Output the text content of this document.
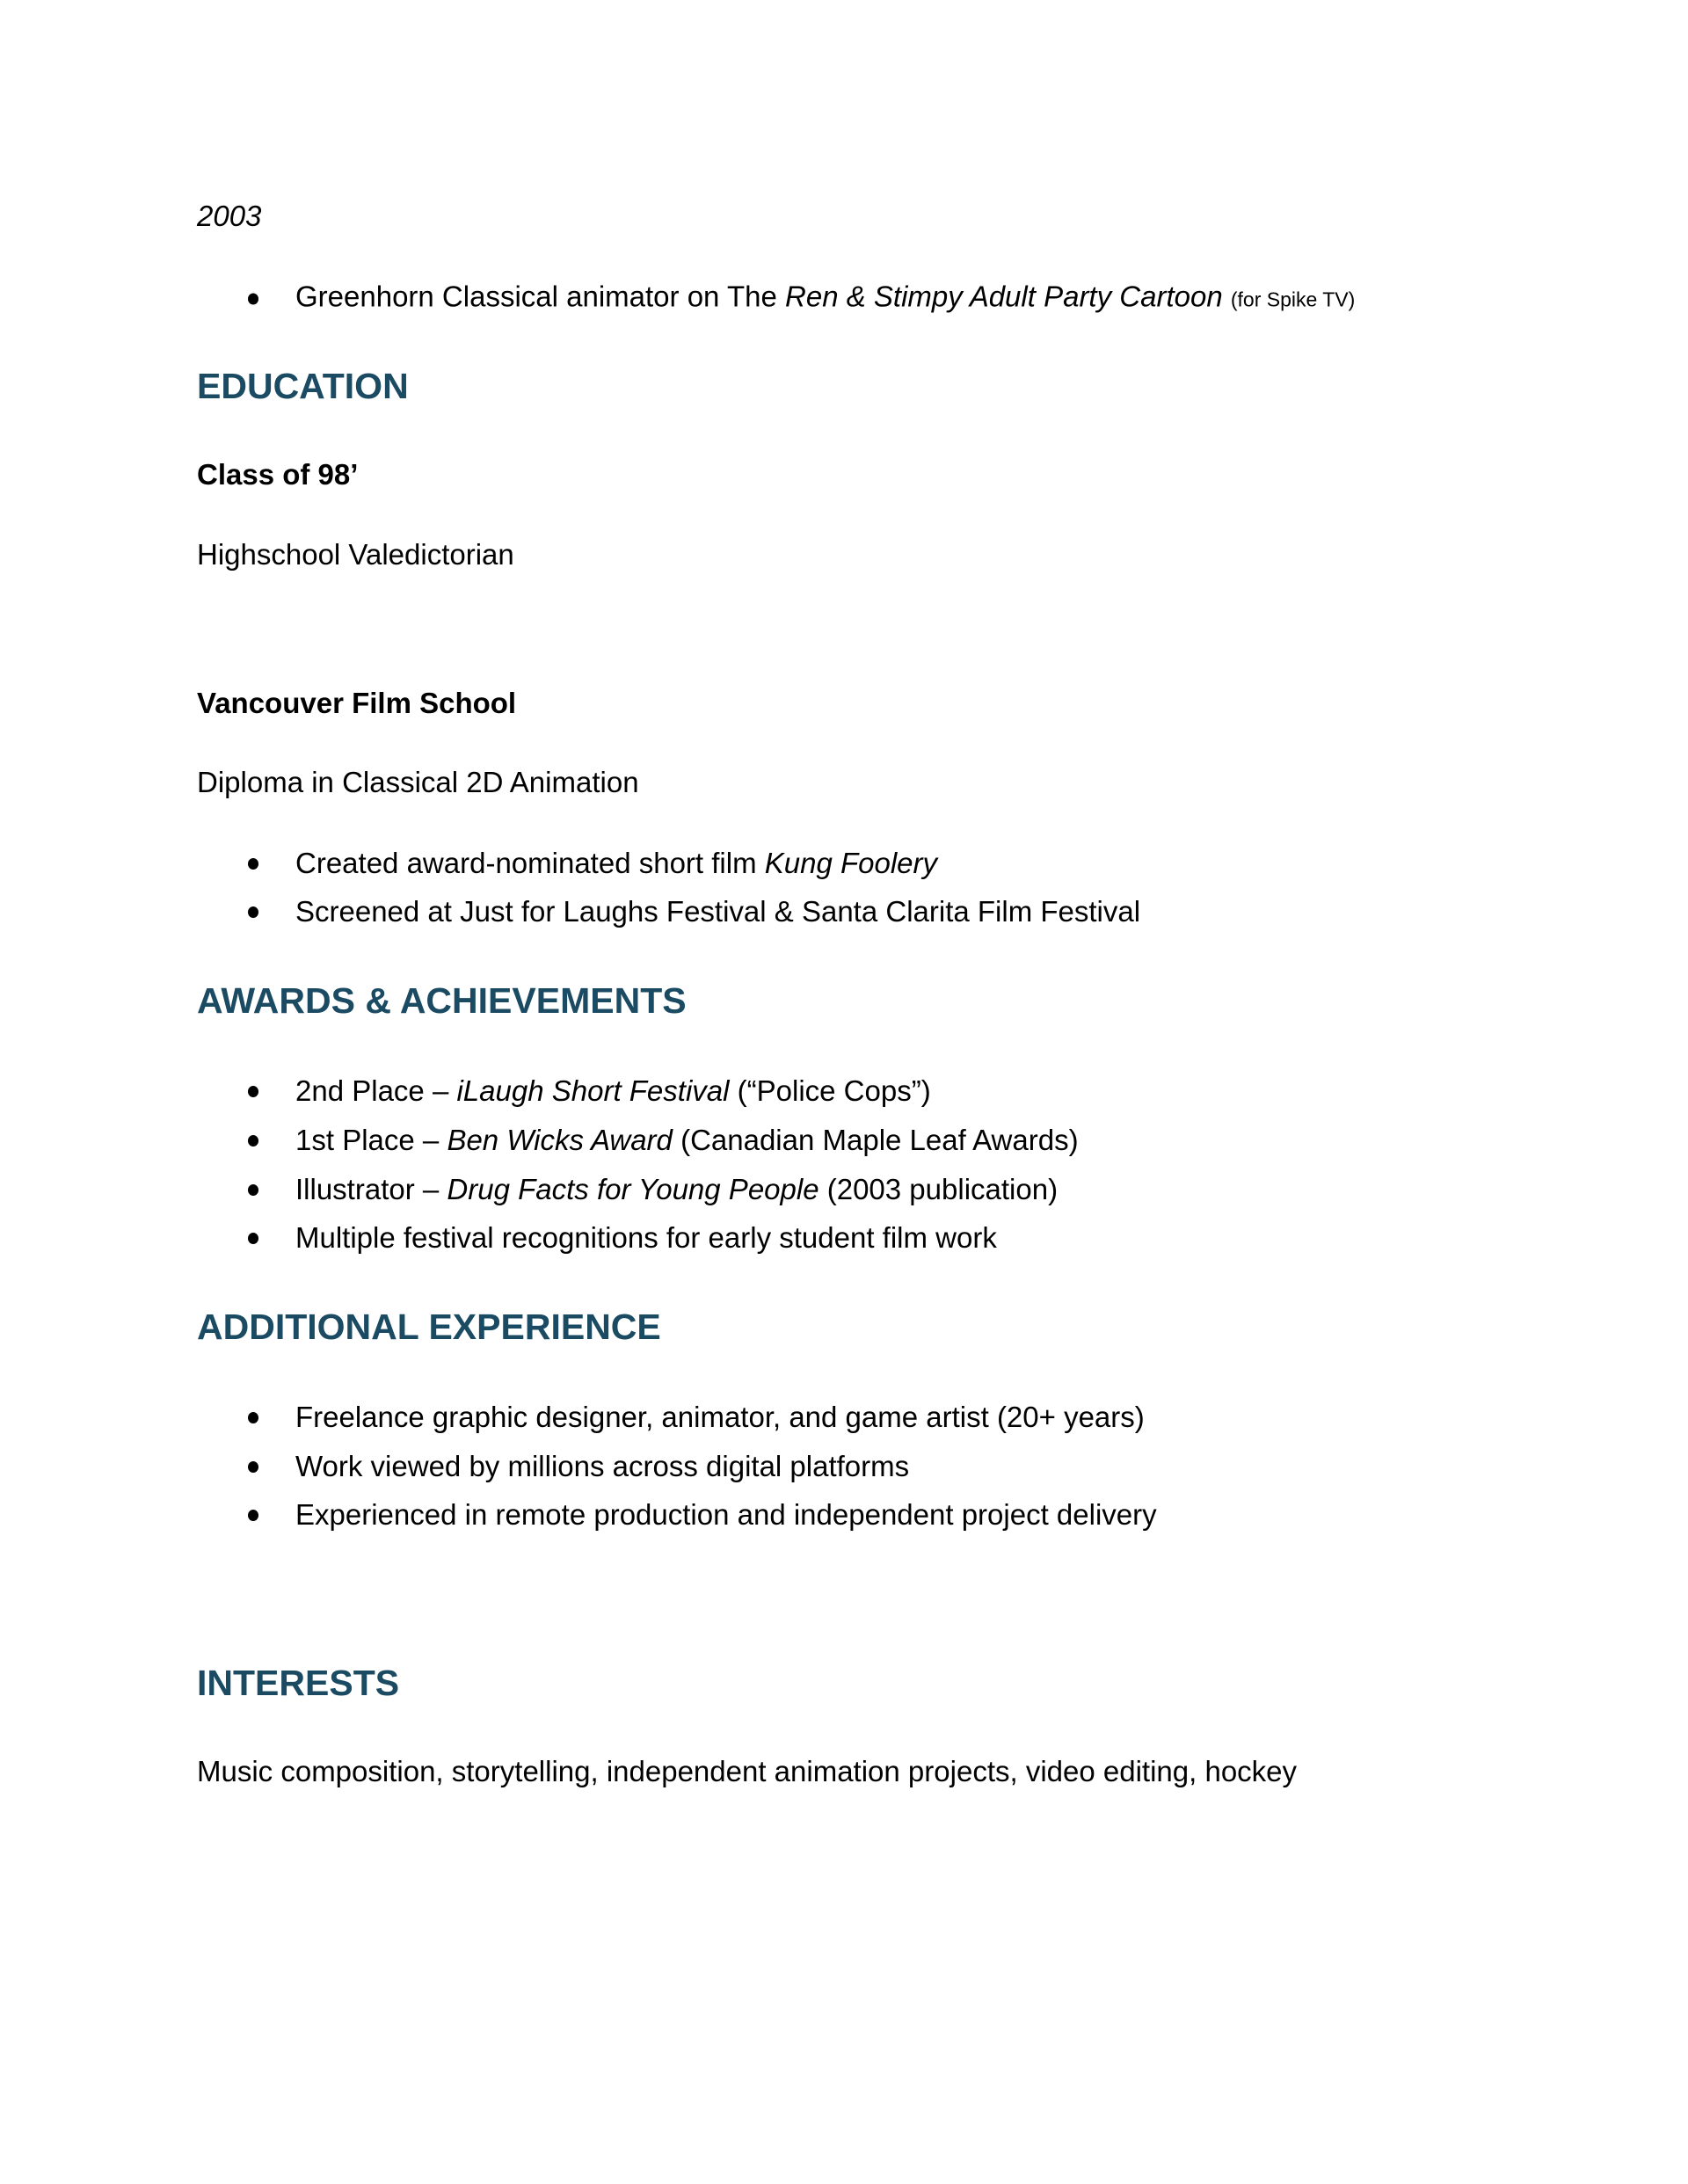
2003
Greenhorn Classical animator on The Ren & Stimpy Adult Party Cartoon (for Spike TV)
EDUCATION
Class of 98’
Highschool Valedictorian
Vancouver Film School
Diploma in Classical 2D Animation
Created award-nominated short film Kung Foolery
Screened at Just for Laughs Festival & Santa Clarita Film Festival
AWARDS & ACHIEVEMENTS
2nd Place – iLaugh Short Festival (“Police Cops”)
1st Place – Ben Wicks Award (Canadian Maple Leaf Awards)
Illustrator – Drug Facts for Young People (2003 publication)
Multiple festival recognitions for early student film work
ADDITIONAL EXPERIENCE
Freelance graphic designer, animator, and game artist (20+ years)
Work viewed by millions across digital platforms
Experienced in remote production and independent project delivery
INTERESTS
Music composition, storytelling, independent animation projects, video editing, hockey
